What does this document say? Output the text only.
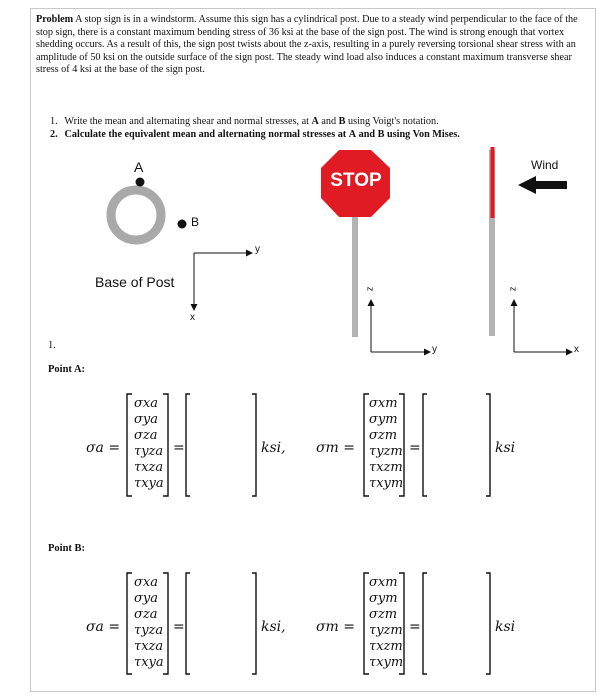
Problem A stop sign is in a windstorm. Assume this sign has a cylindrical post. Due to a steady wind perpendicular to the face of the stop sign, there is a constant maximum bending stress of 36 ksi at the base of the sign post. The wind is strong enough that vortex shedding occurs. As a result of this, the sign post twists about the z-axis, resulting in a purely reversing torsional shear stress with an amplitude of 50 ksi on the outside surface of the sign post. The steady wind load also induces a constant maximum transverse shear stress of 4 ksi at the base of the sign post.
1. Write the mean and alternating shear and normal stresses, at A and B using Voigt's notation.
2. Calculate the equivalent mean and alternating normal stresses at A and B using Von Mises.
A
B
Base of Post
y
x
STOP
z
y
Wind
z
x
1.
Point A:
Point B:
σa =
σxa
σya
σza
τyza
τxza
τxya
=	ksi, σm =
σxm
σym
σzm
τyzm
τxzm
τxym
=	ksi
σa =
σxa
σya
σza
τyza
τxza
τxya
=	ksi, σm =
σxm
σym
σzm
τyzm
τxzm
τxym
=	ksi
